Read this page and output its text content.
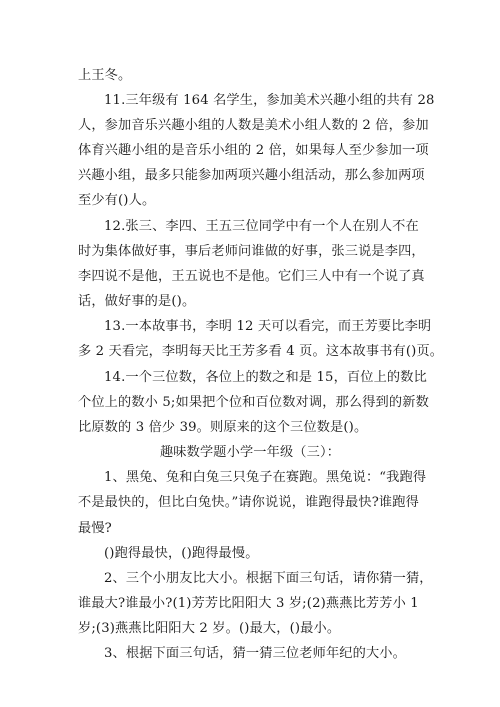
上王冬。
11.三年级有 164 名学生，参加美术兴趣小组的共有 28
人，参加音乐兴趣小组的人数是美术小组人数的 2 倍，参加
体育兴趣小组的是音乐小组的 2 倍，如果每人至少参加一项
兴趣小组，最多只能参加两项兴趣小组活动，那么参加两项
至少有()人。
12.张三、李四、王五三位同学中有一个人在别人不在
时为集体做好事，事后老师问谁做的好事，张三说是李四，
李四说不是他，王五说也不是他。它们三人中有一个说了真
话，做好事的是()。
13.一本故事书，李明 12 天可以看完，而王芳要比李明
多 2 天看完，李明每天比王芳多看 4 页。这本故事书有()页。
14.一个三位数，各位上的数之和是 15，百位上的数比
个位上的数小 5;如果把个位和百位数对调，那么得到的新数
比原数的 3 倍少 39。则原来的这个三位数是()。
趣味数学题小学一年级（三）：
1、黑兔、兔和白兔三只兔子在赛跑。黑兔说：“我跑得
不是最快的，但比白兔快。”请你说说，谁跑得最快?谁跑得
最慢?
()跑得最快，()跑得最慢。
2、三个小朋友比大小。根据下面三句话，请你猜一猜，
谁最大?谁最小?(1)芳芳比阳阳大 3 岁;(2)燕燕比芳芳小 1
岁;(3)燕燕比阳阳大 2 岁。()最大，()最小。
3、根据下面三句话，猜一猜三位老师年纪的大小。
